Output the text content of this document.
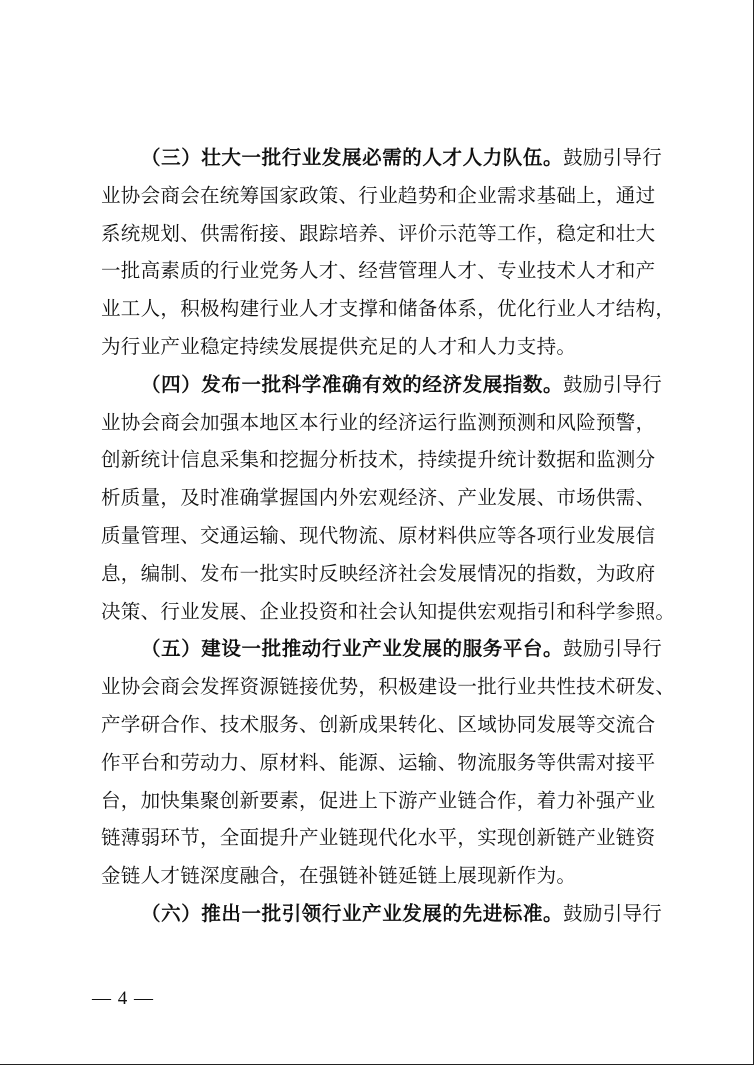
（三）壮大一批行业发展必需的人才人力队伍。鼓励引导行
业协会商会在统筹国家政策、行业趋势和企业需求基础上，通过
系统规划、供需衔接、跟踪培养、评价示范等工作，稳定和壮大
一批高素质的行业党务人才、经营管理人才、专业技术人才和产
业工人，积极构建行业人才支撑和储备体系，优化行业人才结构，
为行业产业稳定持续发展提供充足的人才和人力支持。
（四）发布一批科学准确有效的经济发展指数。鼓励引导行
业协会商会加强本地区本行业的经济运行监测预测和风险预警，
创新统计信息采集和挖掘分析技术，持续提升统计数据和监测分
析质量，及时准确掌握国内外宏观经济、产业发展、市场供需、
质量管理、交通运输、现代物流、原材料供应等各项行业发展信
息，编制、发布一批实时反映经济社会发展情况的指数，为政府
决策、行业发展、企业投资和社会认知提供宏观指引和科学参照。
（五）建设一批推动行业产业发展的服务平台。鼓励引导行
业协会商会发挥资源链接优势，积极建设一批行业共性技术研发、
产学研合作、技术服务、创新成果转化、区域协同发展等交流合
作平台和劳动力、原材料、能源、运输、物流服务等供需对接平
台，加快集聚创新要素，促进上下游产业链合作，着力补强产业
链薄弱环节，全面提升产业链现代化水平，实现创新链产业链资
金链人才链深度融合，在强链补链延链上展现新作为。
（六）推出一批引领行业产业发展的先进标准。鼓励引导行
— 4 —
